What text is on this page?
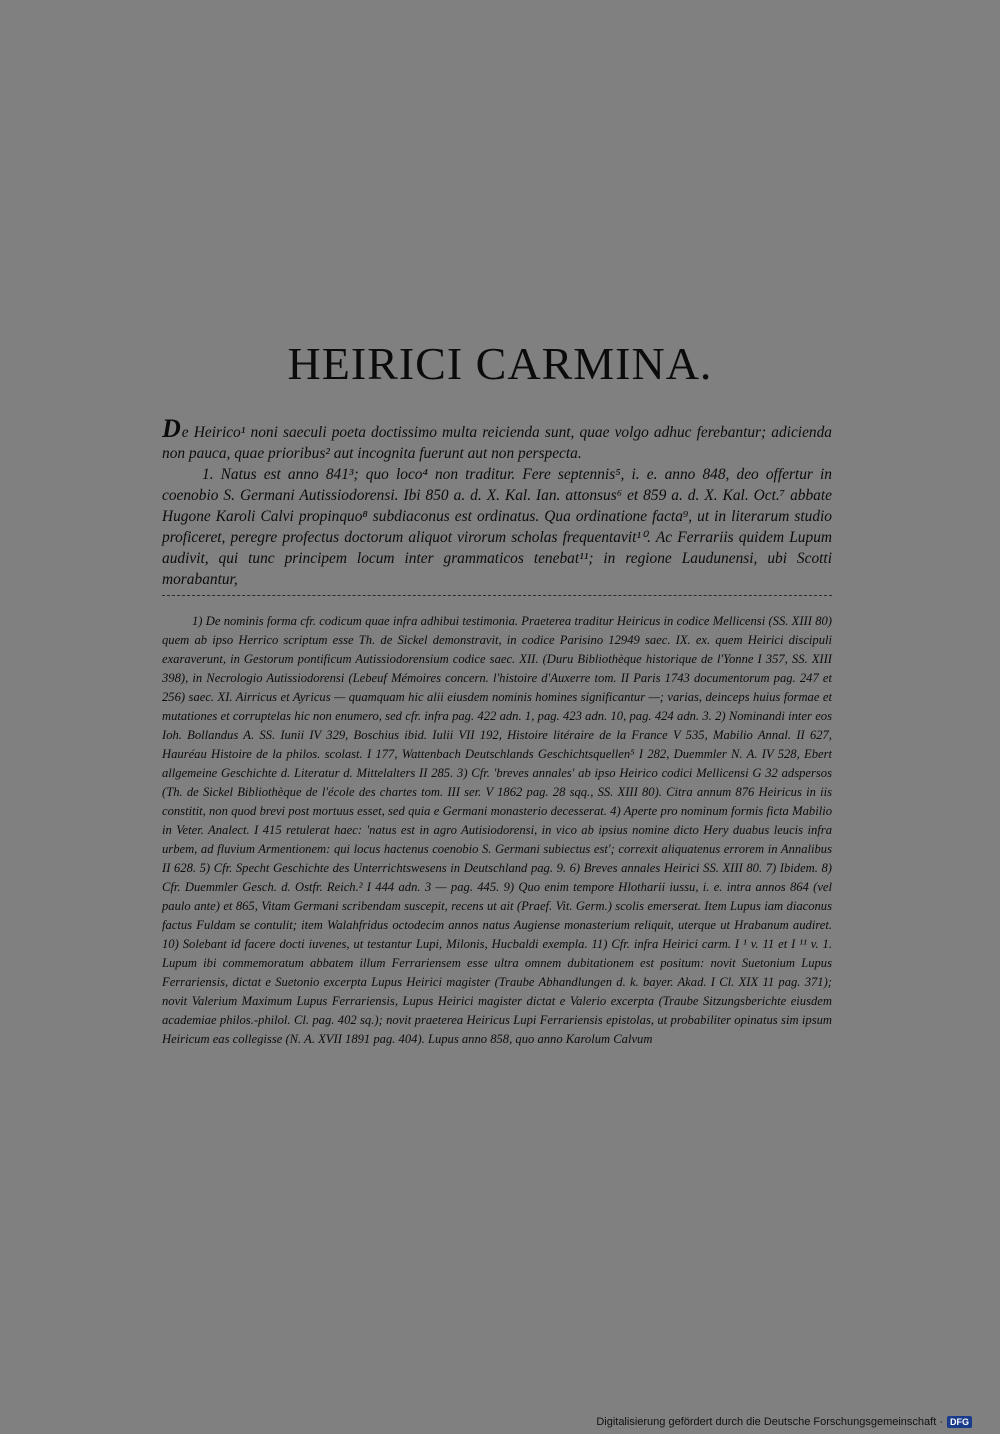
HEIRICI CARMINA.

De Heirico¹ noni saeculi poeta doctissimo multa reicienda sunt, quae volgo adhuc ferebantur; adicienda non pauca, quae prioribus² aut incognita fuerunt aut non perspecta.

1. Natus est anno 841³; quo loco⁴ non traditur. Fere septennis⁵, i. e. anno 848, deo offertur in coenobio S. Germani Autissiodorensi. Ibi 850 a. d. X. Kal. Ian. attonsus⁶ et 859 a. d. X. Kal. Oct.⁷ abbate Hugone Karoli Calvi propinquo⁸ subdiaconus est ordinatus. Qua ordinatione facta⁹, ut in literarum studio proficeret, peregre profectus doctorum aliquot virorum scholas frequentavit¹⁰. Ac Ferrariis quidem Lupum audivit, qui tunc principem locum inter grammaticos tenebat¹¹; in regione Laudunensi, ubi Scotti morabantur,

1) De nominis forma cfr. codicum quae infra adhibui testimonia. Praeterea traditur Heiricus in codice Mellicensi (SS. XIII 80) quem ab ipso Herrico scriptum esse Th. de Sickel demonstravit, in codice Parisino 12949 saec. IX. ex. quem Heirici discipuli exaraverunt, in Gestorum pontificum Autissiodorensium codice saec. XII. (Duru Bibliothèque historique de l'Yonne I 357, SS. XIII 398), in Necrologio Autissiodorensi (Lebeuf Mémoires concern. l'histoire d'Auxerre tom. II Paris 1743 documentorum pag. 247 et 256) saec. XI. Airricus et Ayricus — quamquam hic alii eiusdem nominis homines significantur —; varias, deinceps huius formae et mutationes et corruptelas hic non enumero, sed cfr. infra pag. 422 adn. 1, pag. 423 adn. 10, pag. 424 adn. 3. 2) Nominandi inter eos Ioh. Bollandus A. SS. Iunii IV 329, Boschius ibid. Iulii VII 192, Histoire litéraire de la France V 535, Mabilio Annal. II 627, Hauréau Histoire de la philos. scolast. I 177, Wattenbach Deutschlands Geschichtsquellen⁵ I 282, Duemmler N. A. IV 528, Ebert allgemeine Geschichte d. Literatur d. Mittelalters II 285. 3) Cfr. 'breves annales' ab ipso Heirico codici Mellicensi G 32 adspersos (Th. de Sickel Bibliothèque de l'école des chartes tom. III ser. V 1862 pag. 28 sqq., SS. XIII 80). Citra annum 876 Heiricus in iis constitit, non quod brevi post mortuus esset, sed quia e Germani monasterio decesserat. 4) Aperte pro nominum formis ficta Mabilio in Veter. Analect. I 415 retulerat haec: 'natus est in agro Autisiodorensi, in vico ab ipsius nomine dicto Hery duabus leucis infra urbem, ad fluvium Armentionem: qui locus hactenus coenobio S. Germani subiectus est'; correxit aliquatenus errorem in Annalibus II 628. 5) Cfr. Specht Geschichte des Unterrichtswesens in Deutschland pag. 9. 6) Breves annales Heirici SS. XIII 80. 7) Ibidem. 8) Cfr. Duemmler Gesch. d. Ostfr. Reich.² I 444 adn. 3 — pag. 445. 9) Quo enim tempore Hlotharii iussu, i. e. intra annos 864 (vel paulo ante) et 865, Vitam Germani scribendam suscepit, recens ut ait (Praef. Vit. Germ.) scolis emerserat. Item Lupus iam diaconus factus Fuldam se contulit; item Walahfridus octodecim annos natus Augiense monasterium reliquit, uterque ut Hrabanum audiret. 10) Solebant id facere docti iuvenes, ut testantur Lupi, Milonis, Hucbaldi exempla. 11) Cfr. infra Heirici carm. I ¹ v. 11 et I ¹¹ v. 1. Lupum ibi commemoratum abbatem illum Ferrariensem esse ultra omnem dubitationem est positum: novit Suetonium Lupus Ferrariensis, dictat e Suetonio excerpta Lupus Heirici magister (Traube Abhandlungen d. k. bayer. Akad. I Cl. XIX 11 pag. 371); novit Valerium Maximum Lupus Ferrariensis, Lupus Heirici magister dictat e Valerio excerpta (Traube Sitzungsberichte eiusdem academiae philos.-philol. Cl. pag. 402 sq.); novit praeterea Heiricus Lupi Ferrariensis epistolas, ut probabiliter opinatus sim ipsum Heiricum eas collegisse (N. A. XVII 1891 pag. 404). Lupus anno 858, quo anno Karolum Calvum

Digitalisierung gefördert durch die Deutsche Forschungsgemeinschaft · DFG
